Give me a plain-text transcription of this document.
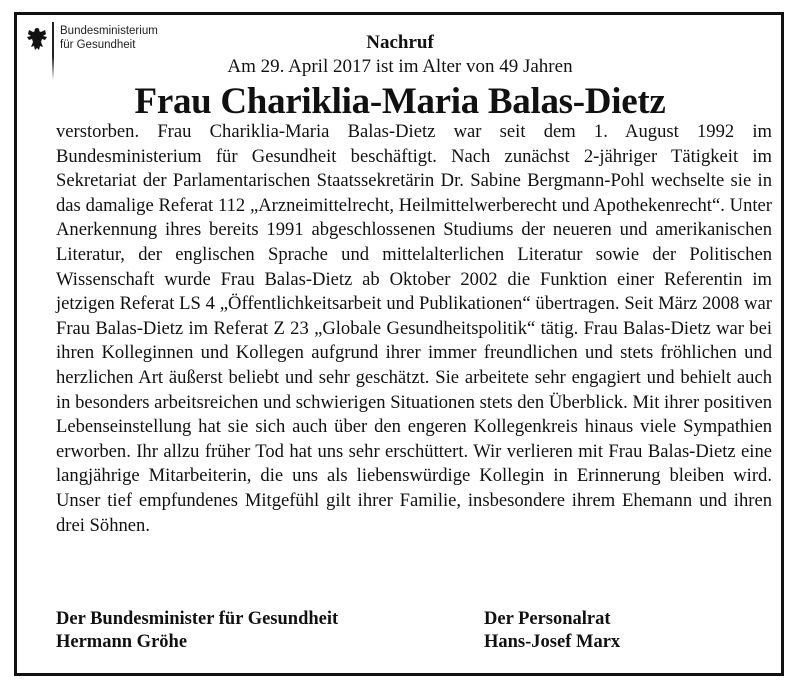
Bundesministerium
für Gesundheit	Nachruf
Am 29. April 2017 ist im Alter von 49 Jahren
Frau Chariklia-Maria Balas-Dietz
verstorben. Frau Chariklia-Maria Balas-Dietz war seit dem 1. August 1992 im Bundesministerium für Gesundheit beschäftigt. Nach zunächst 2-jähriger Tätigkeit im Sekretariat der Parlamentarischen Staatssekretärin Dr. Sabine Bergmann-Pohl wechselte sie in das damalige Referat 112 „Arzneimittelrecht, Heilmittelwerberecht und Apothekenrecht“. Unter Anerkennung ihres bereits 1991 abgeschlossenen Studiums der neueren und amerikanischen Literatur, der englischen Sprache und mittelalterlichen Literatur sowie der Politischen Wissenschaft wurde Frau Balas-Dietz ab Oktober 2002 die Funktion einer Referentin im jetzigen Referat LS 4 „Öffentlichkeitsarbeit und Publikationen“ übertragen. Seit März 2008 war Frau Balas-Dietz im Referat Z 23 „Globale Gesundheitspolitik“ tätig. Frau Balas-Dietz war bei ihren Kolleginnen und Kollegen aufgrund ihrer immer freundlichen und stets fröhlichen und herzlichen Art äußerst beliebt und sehr geschätzt. Sie arbeitete sehr engagiert und behielt auch in besonders arbeitsreichen und schwierigen Situationen stets den Überblick. Mit ihrer positiven Lebenseinstellung hat sie sich auch über den engeren Kollegenkreis hinaus viele Sympathien erworben. Ihr allzu früher Tod hat uns sehr erschüttert. Wir verlieren mit Frau Balas-Dietz eine langjährige Mitarbeiterin, die uns als liebenswürdige Kollegin in Erinnerung bleiben wird. Unser tief empfundenes Mitgefühl gilt ihrer Familie, insbesondere ihrem Ehemann und ihren drei Söhnen.
Der Bundesminister für Gesundheit
Hermann Gröhe
Der Personalrat
Hans-Josef Marx
